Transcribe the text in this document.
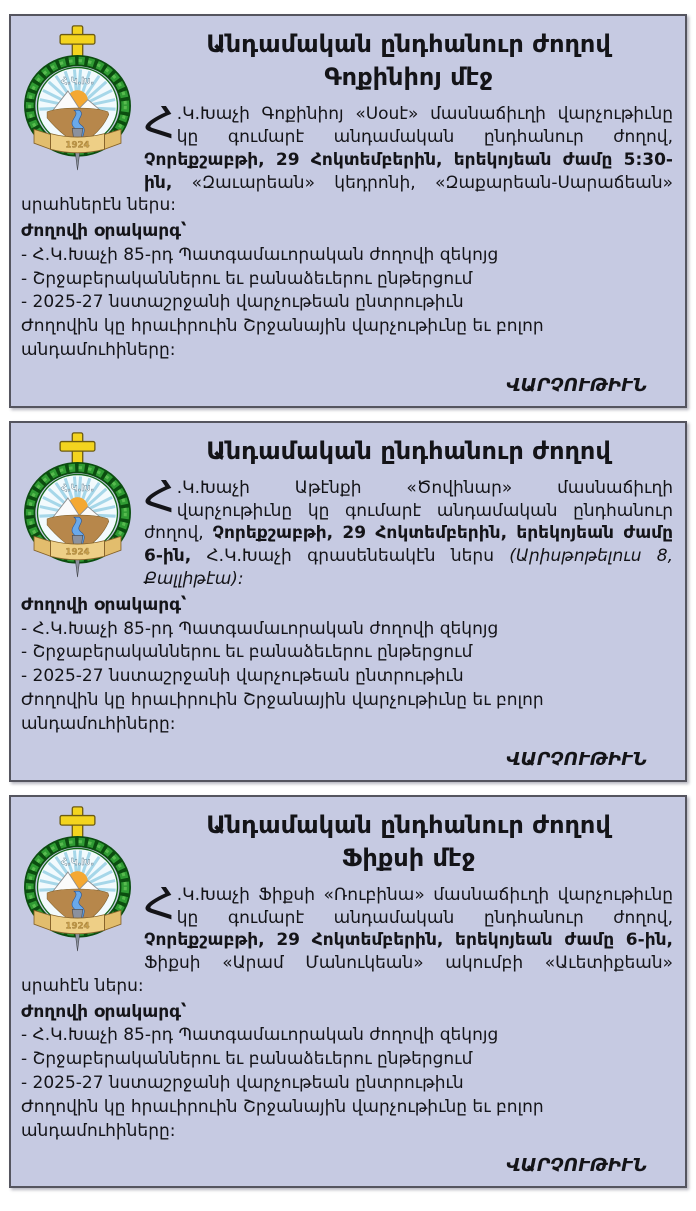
Անդամական ընդհանուր ժողով
Գոքինիոյ մէջ

Հ .Կ.Խաչի Գոքինիոյ «Սօսէ» մասնաճիւղի վարչութիւնը կը գումարէ անդամական ընդհանուր ժողով, Չորեքշաբթի, 29 Հոկտեմբերին, երեկոյեան ժամը 5:30-ին, «Զաւարեան» կեդրոնի, «Զաքարեան-Սարաճեան» սրահներէն ներս:

Ժողովի օրակարգ՝
- Հ.Կ.Խաչի 85-րդ Պատգամաւորական ժողովի զեկոյց
- Շրջաբերականներու եւ բանաձեւերու ընթերցում
- 2025-27 նստաշրջանի վարչութեան ընտրութիւն
Ժողովին կը հրաւիրուին Շրջանային վարչութիւնը եւ բոլոր անդամուհիները:
ՎԱՐՉՈՒԹԻՒՆ
Անդամական ընդհանուր ժողով

Հ .Կ.Խաչի Աթէնքի «Ծովինար» մասնաճիւղի վարչութիւնը կը գումարէ անդամական ընդհանուր ժողով, Չորեքշաբթի, 29 Հոկտեմբերին, երեկոյեան ժամը 6-ին, Հ.Կ.Խաչի գրասենեակէն ներս (Արիսթոթելուս 8, Քալլիթէա):

Ժողովի օրակարգ՝
- Հ.Կ.Խաչի 85-րդ Պատգամաւորական ժողովի զեկոյց
- Շրջաբերականներու եւ բանաձեւերու ընթերցում
- 2025-27 նստաշրջանի վարչութեան ընտրութիւն
Ժողովին կը հրաւիրուին Շրջանային վարչութիւնը եւ բոլոր անդամուհիները:
ՎԱՐՉՈՒԹԻՒՆ
Անդամական ընդհանուր ժողով
Ֆիքսի մէջ

Հ .Կ.Խաչի Ֆիքսի «Ռուբինա» մասնաճիւղի վարչութիւնը կը գումարէ անդամական ընդհանուր ժողով, Չորեքշաբթի, 29 Հոկտեմբերին, երեկոյեան ժամը 6-ին, Ֆիքսի «Արամ Մանուկեան» ակումբի «Աւետիքեան» սրահէն ներս:

Ժողովի օրակարգ՝
- Հ.Կ.Խաչի 85-րդ Պատգամաւորական ժողովի զեկոյց
- Շրջաբերականներու եւ բանաձեւերու ընթերցում
- 2025-27 նստաշրջանի վարչութեան ընտրութիւն
Ժողովին կը հրաւիրուին Շրջանային վարչութիւնը եւ բոլոր անդամուհիները:
ՎԱՐՉՈՒԹԻՒՆ
